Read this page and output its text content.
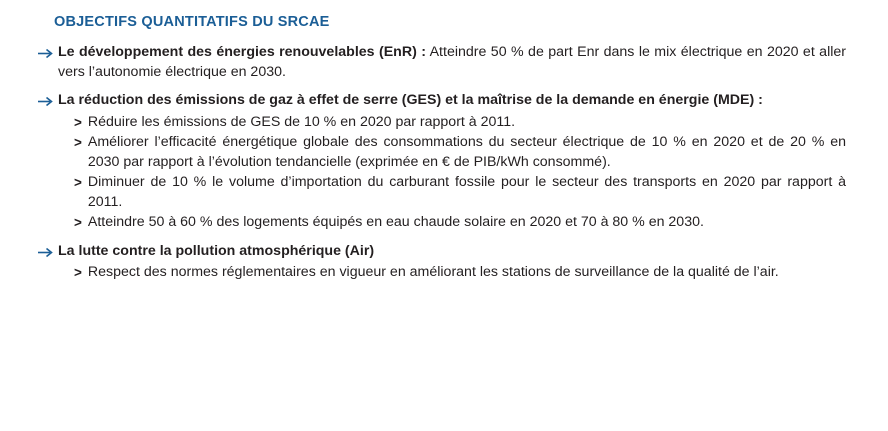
OBJECTIFS QUANTITATIFS DU SRCAE
Le développement des énergies renouvelables (EnR) : Atteindre 50 % de part Enr dans le mix électrique en 2020 et aller vers l’autonomie électrique en 2030.
La réduction des émissions de gaz à effet de serre (GES) et la maîtrise de la demande en énergie (MDE) :
> Réduire les émissions de GES de 10 % en 2020 par rapport à 2011.
> Améliorer l’efficacité énergétique globale des consommations du secteur électrique de 10 % en 2020 et de 20 % en 2030 par rapport à l’évolution tendancielle (exprimée en € de PIB/kWh consommé).
> Diminuer de 10 % le volume d’importation du carburant fossile pour le secteur des transports en 2020 par rapport à 2011.
> Atteindre 50 à 60 % des logements équipés en eau chaude solaire en 2020 et 70 à 80 % en 2030.
La lutte contre la pollution atmosphérique (Air)
> Respect des normes réglementaires en vigueur en améliorant les stations de surveillance de la qualité de l’air.
